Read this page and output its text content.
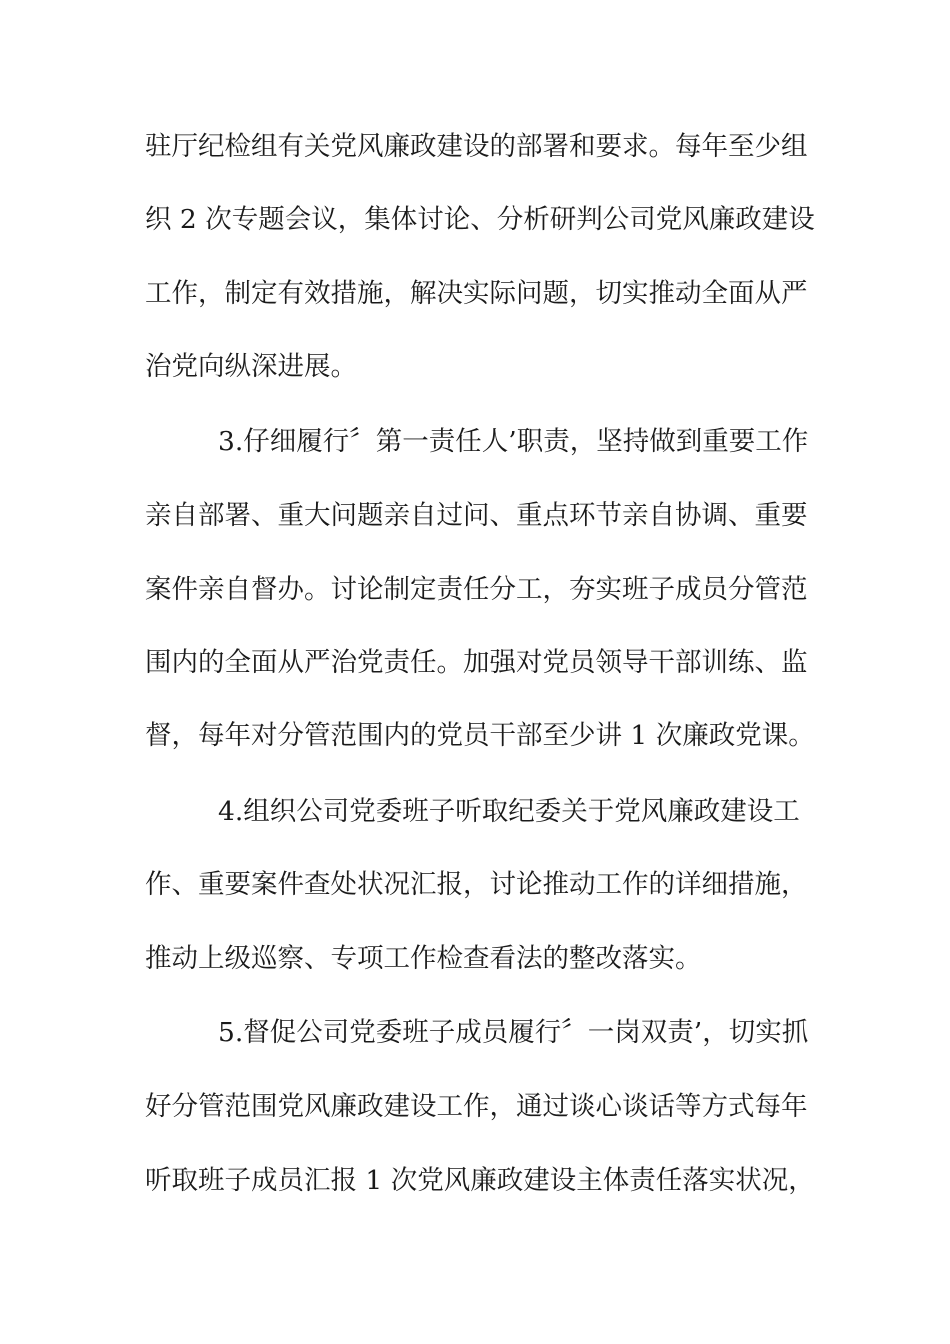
驻厅纪检组有关党风廉政建设的部署和要求。每年至少组
织 2 次专题会议，集体讨论、分析研判公司党风廉政建设
工作，制定有效措施，解决实际问题，切实推动全面从严
治党向纵深进展。
3.仔细履行〞第一责任人’职责，坚持做到重要工作
亲自部署、重大问题亲自过问、重点环节亲自协调、重要
案件亲自督办。讨论制定责任分工，夯实班子成员分管范
围内的全面从严治党责任。加强对党员领导干部训练、监
督，每年对分管范围内的党员干部至少讲 1 次廉政党课。
4.组织公司党委班子听取纪委关于党风廉政建设工
作、重要案件查处状况汇报，讨论推动工作的详细措施，
推动上级巡察、专项工作检查看法的整改落实。
5.督促公司党委班子成员履行〞一岗双责’，切实抓
好分管范围党风廉政建设工作，通过谈心谈话等方式每年
听取班子成员汇报 1 次党风廉政建设主体责任落实状况，
